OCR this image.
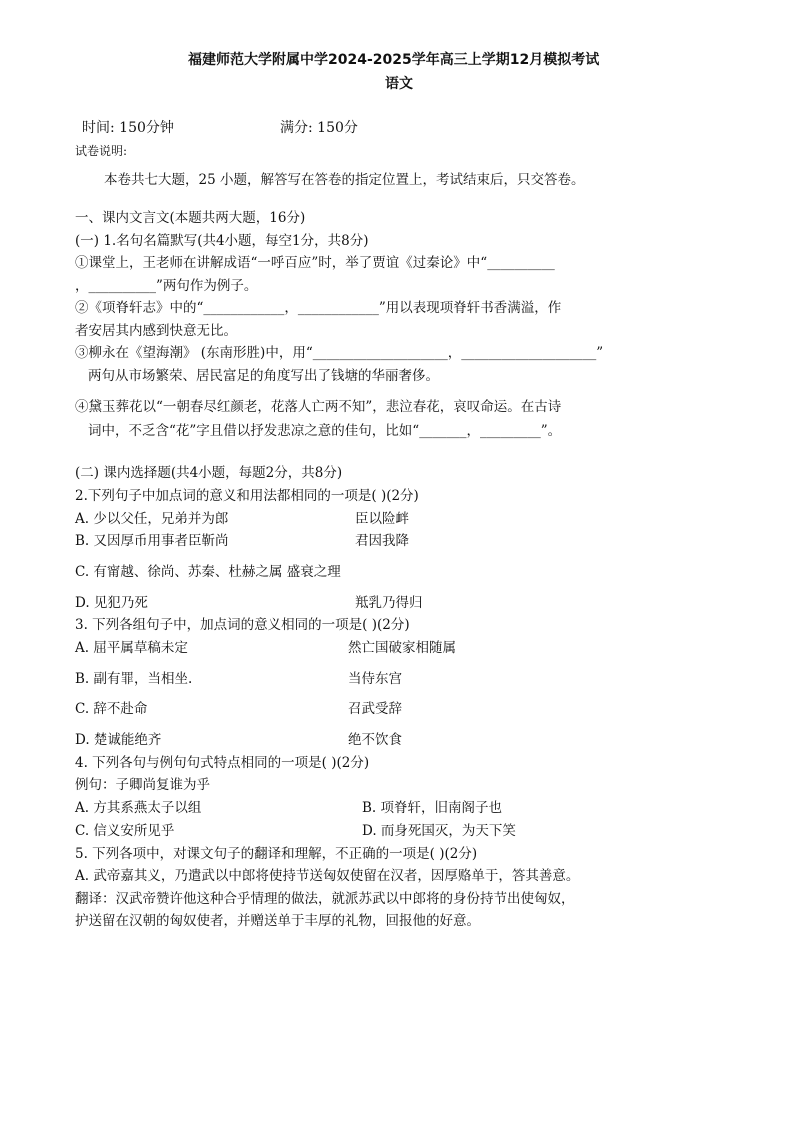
福建师范大学附属中学2024-2025学年高三上学期12月模拟考试
语文
时间: 150分钟	满分: 150分
试卷说明:
本卷共七大题，25 小题，解答写在答卷的指定位置上，考试结束后，只交答卷。
一、课内文言文(本题共两大题，16分)
(一) 1.名句名篇默写(共4小题，每空1分，共8分)
①课堂上，王老师在讲解成语“一呼百应”时，举了贾谊《过秦论》中“__________
，__________”两句作为例子。
②《项脊轩志》中的“____________，____________”用以表现项脊轩书香满溢，作
者安居其内感到快意无比。
③柳永在《望海潮》 (东南形胜)中，用“____________________，____________________”
两句从市场繁荣、居民富足的角度写出了钱塘的华丽奢侈。
④黛玉葬花以“一朝春尽红颜老，花落人亡两不知”，悲泣春花，哀叹命运。在古诗
词中，不乏含“花”字且借以抒发悲凉之意的佳句，比如“_______，_________”。
(二) 课内选择题(共4小题，每题2分，共8分)
2.下列句子中加点词的意义和用法都相同的一项是( )(2分)
A. 少以父任，兄弟并为郎	臣以险衅
B. 又因厚币用事者臣靳尚	君因我降
C. 有甯越、徐尚、苏秦、杜赫之属 盛衰之理
D. 见犯乃死	羝乳乃得归
3. 下列各组句子中，加点词的意义相同的一项是( )(2分)
A. 屈平属草稿未定	然亡国破家相随属
B. 副有罪，当相坐.	当侍东宫
C. 辞不赴命	召武受辞
D. 楚诚能绝齐	绝不饮食
4. 下列各句与例句句式特点相同的一项是( )(2分)
例句：子卿尚复谁为乎
A. 方其系燕太子以组	B. 项脊轩，旧南阁子也
C. 信义安所见乎	D. 而身死国灭，为天下笑
5. 下列各项中，对课文句子的翻译和理解，不正确的一项是( )(2分)
A. 武帝嘉其义，乃遣武以中郎将使持节送匈奴使留在汉者，因厚赂单于，答其善意。
翻译：汉武帝赞许他这种合乎情理的做法，就派苏武以中郎将的身份持节出使匈奴，
护送留在汉朝的匈奴使者，并赠送单于丰厚的礼物，回报他的好意。
